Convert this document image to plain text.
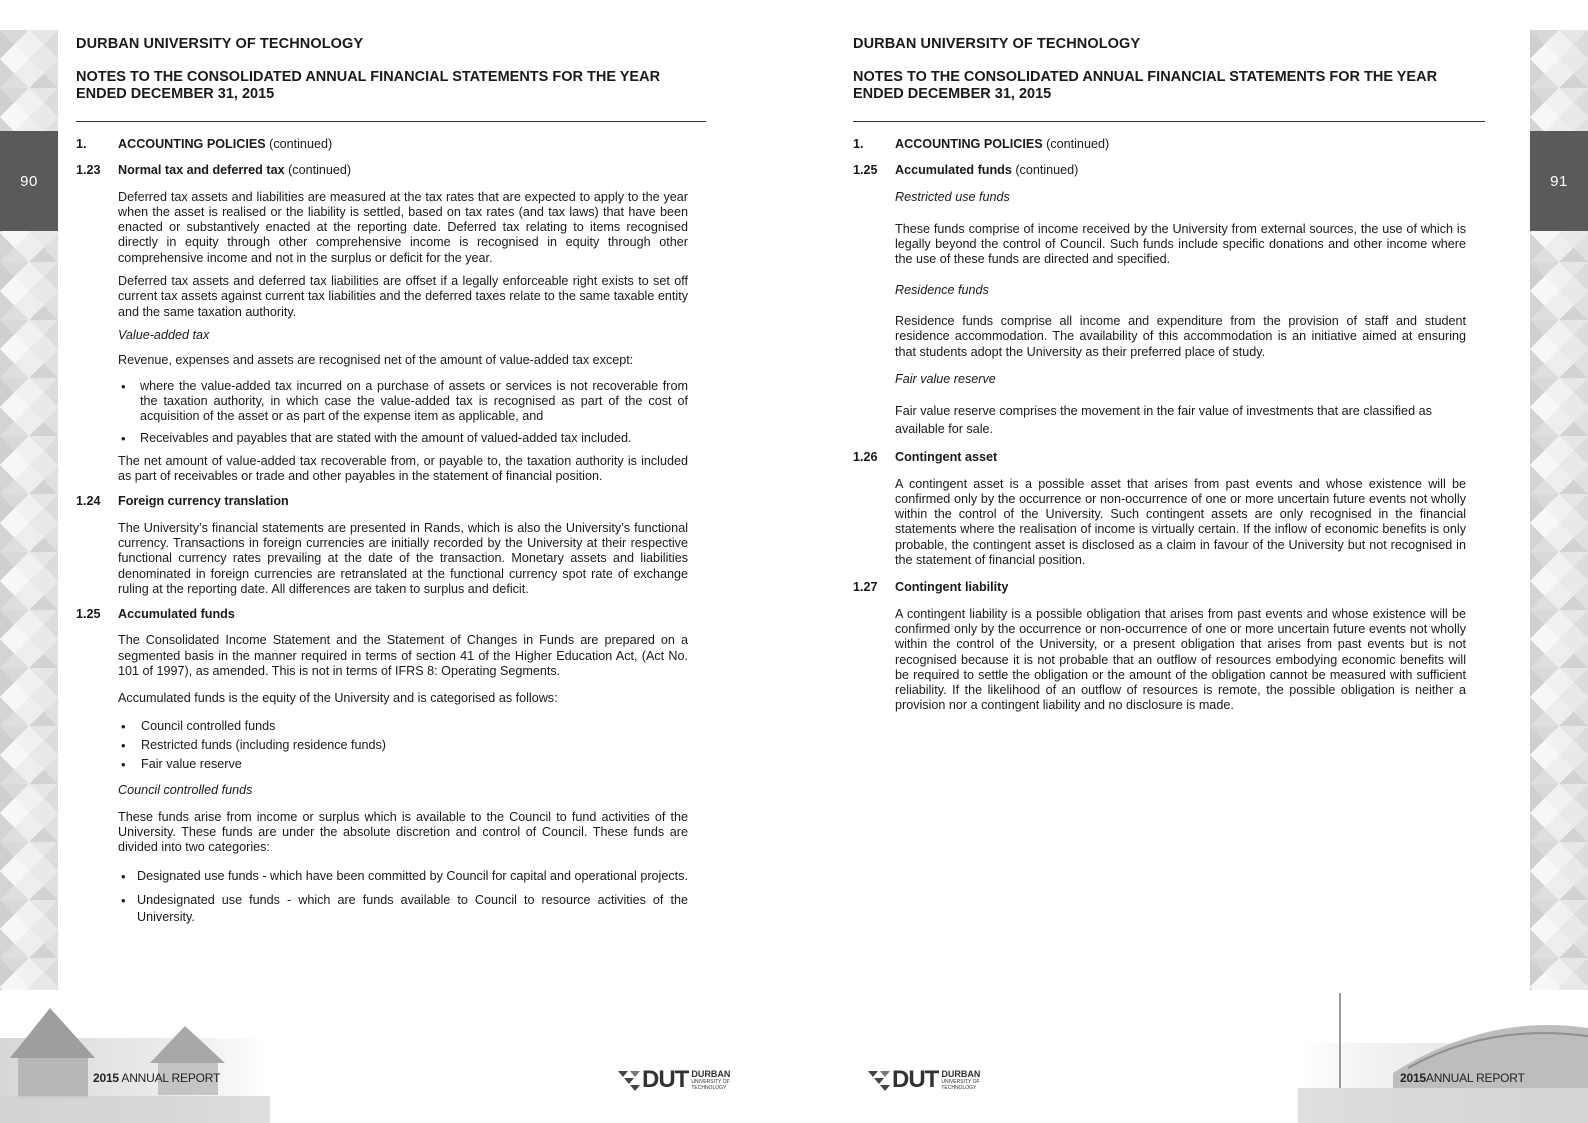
90	91
DURBAN UNIVERSITY OF TECHNOLOGY
NOTES TO THE CONSOLIDATED ANNUAL FINANCIAL STATEMENTS FOR THE YEAR
ENDED DECEMBER 31, 2015
1.	ACCOUNTING POLICIES (continued)
1.23	Normal tax and deferred tax (continued)

Deferred tax assets and liabilities are measured at the tax rates that are expected to apply to the year when the asset is realised or the liability is settled, based on tax rates (and tax laws) that have been enacted or substantively enacted at the reporting date. Deferred tax relating to items recognised directly in equity through other comprehensive income is recognised in equity through other comprehensive income and not in the surplus or deficit for the year.

Deferred tax assets and deferred tax liabilities are offset if a legally enforceable right exists to set off current tax assets against current tax liabilities and the deferred taxes relate to the same taxable entity and the same taxation authority.

Value-added tax

Revenue, expenses and assets are recognised net of the amount of value-added tax except:

• where the value-added tax incurred on a purchase of assets or services is not recoverable from the taxation authority, in which case the value-added tax is recognised as part of the cost of acquisition of the asset or as part of the expense item as applicable, and
• Receivables and payables that are stated with the amount of valued-added tax included.

The net amount of value-added tax recoverable from, or payable to, the taxation authority is included as part of receivables or trade and other payables in the statement of financial position.

1.24	Foreign currency translation

The University’s financial statements are presented in Rands, which is also the University’s functional currency. Transactions in foreign currencies are initially recorded by the University at their respective functional currency rates prevailing at the date of the transaction. Monetary assets and liabilities denominated in foreign currencies are retranslated at the functional currency spot rate of exchange ruling at the reporting date. All differences are taken to surplus and deficit.

1.25	Accumulated funds

The Consolidated Income Statement and the Statement of Changes in Funds are prepared on a segmented basis in the manner required in terms of section 41 of the Higher Education Act, (Act No. 101 of 1997), as amended. This is not in terms of IFRS 8: Operating Segments.

Accumulated funds is the equity of the University and is categorised as follows:

• Council controlled funds
• Restricted funds (including residence funds)
• Fair value reserve

Council controlled funds

These funds arise from income or surplus which is available to the Council to fund activities of the University. These funds are under the absolute discretion and control of Council. These funds are divided into two categories:

• Designated use funds - which have been committed by Council for capital and operational projects.
• Undesignated use funds - which are funds available to Council to resource activities of the University.
DURBAN UNIVERSITY OF TECHNOLOGY
NOTES TO THE CONSOLIDATED ANNUAL FINANCIAL STATEMENTS FOR THE YEAR
ENDED DECEMBER 31, 2015
1.	ACCOUNTING POLICIES (continued)
1.25	Accumulated funds (continued)

Restricted use funds

These funds comprise of income received by the University from external sources, the use of which is legally beyond the control of Council. Such funds include specific donations and other income where the use of these funds are directed and specified.

Residence funds

Residence funds comprise all income and expenditure from the provision of staff and student residence accommodation. The availability of this accommodation is an initiative aimed at ensuring that students adopt the University as their preferred place of study.

Fair value reserve

Fair value reserve comprises the movement in the fair value of investments that are classified as available for sale.

1.26	Contingent asset

A contingent asset is a possible asset that arises from past events and whose existence will be confirmed only by the occurrence or non-occurrence of one or more uncertain future events not wholly within the control of the University. Such contingent assets are only recognised in the financial statements where the realisation of income is virtually certain. If the inflow of economic benefits is only probable, the contingent asset is disclosed as a claim in favour of the University but not recognised in the statement of financial position.

1.27	Contingent liability

A contingent liability is a possible obligation that arises from past events and whose existence will be confirmed only by the occurrence or non-occurrence of one or more uncertain future events not wholly within the control of the University, or a present obligation that arises from past events but is not recognised because it is not probable that an outflow of resources embodying economic benefits will be required to settle the obligation or the amount of the obligation cannot be measured with sufficient reliability. If the likelihood of an outflow of resources is remote, the possible obligation is neither a provision nor a contingent liability and no disclosure is made.

2015 ANNUAL REPORT	2015ANNUAL REPORT
DUT DURBAN
UNIVERSITY OF
TECHNOLOGY	DUT DURBAN
UNIVERSITY OF
TECHNOLOGY
